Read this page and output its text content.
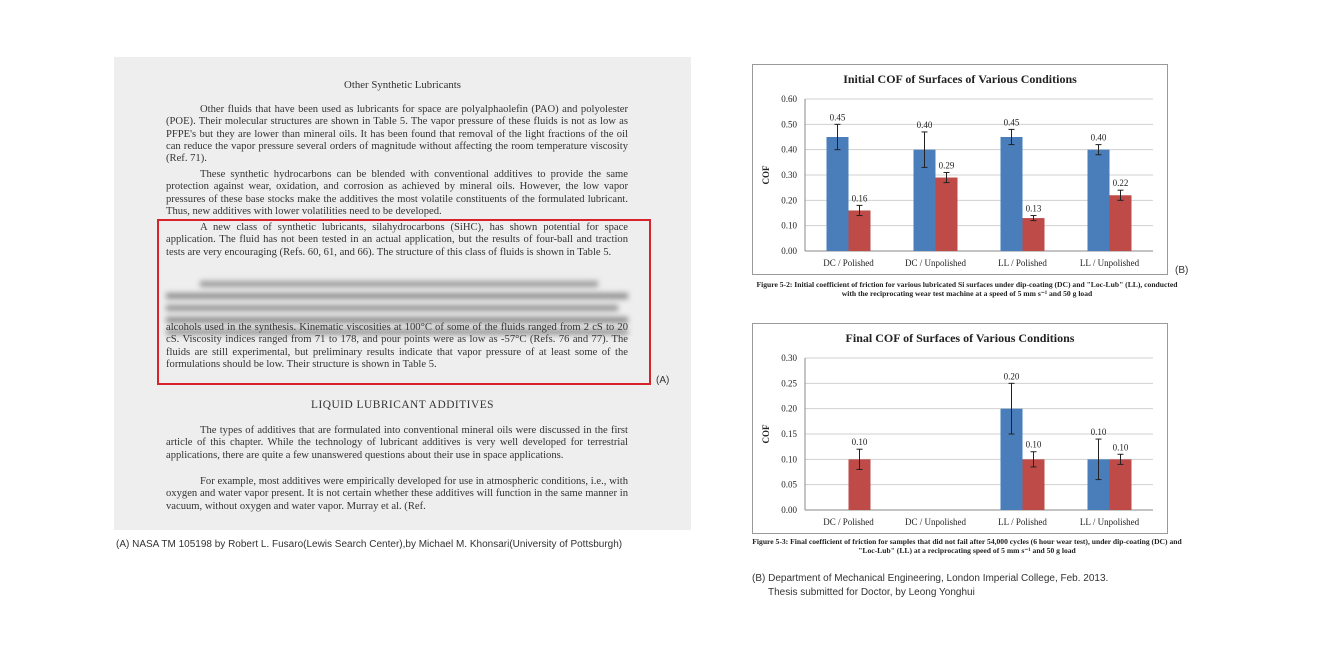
Other Synthetic Lubricants

Other fluids that have been used as lubricants for space are polyalphaolefin (PAO) and polyolester (POE). Their molecular structures are shown in Table 5. The vapor pressure of these fluids is not as low as PFPE's but they are lower than mineral oils. It has been found that removal of the light fractions of the oil can reduce the vapor pressure several orders of magnitude without affecting the room temperature viscosity (Ref. 71).

These synthetic hydrocarbons can be blended with conventional additives to provide the same protection against wear, oxidation, and corrosion as achieved by mineral oils. However, the low vapor pressures of these base stocks make the additives the most volatile constituents of the formulated lubricant. Thus, new additives with lower volatilities need to be developed.

A new class of synthetic lubricants, silahydrocarbons (SiHC), has shown potential for space application. The fluid has not been tested in an actual application, but the results of four-ball and traction tests are very encouraging (Refs. 60, 61, and 66). The structure of this class of fluids is shown in Table 5.

alcohols used in the synthesis. Kinematic viscosities at 100°C of some of the fluids ranged from 2 cS to 20 cS. Viscosity indices ranged from 71 to 178, and pour points were as low as -57°C (Refs. 76 and 77). The fluids are still experimental, but preliminary results indicate that vapor pressure of at least some of the formulations should be low. Their structure is shown in Table 5.

LIQUID LUBRICANT ADDITIVES

The types of additives that are formulated into conventional mineral oils were discussed in the first article of this chapter. While the technology of lubricant additives is very well developed for terrestrial applications, there are quite a few unanswered questions about their use in space applications.

For example, most additives were empirically developed for use in atmospheric conditions, i.e., with oxygen and water vapor present. It is not certain whether these additives will function in the same manner in vacuum, without oxygen and water vapor. Murray et al. (Ref.

(A)
(A) NASA TM 105198 by Robert L. Fusaro(Lewis Search Center),by Michael M. Khonsari(University of Pottsburgh)
Initial COF of Surfaces of Various Conditions
COF
0.00
0.10
0.20
0.30
0.40
0.50
0.60
0.45
0.16
DC / Polished
0.40
0.29
DC / Unpolished
0.45
0.13
LL / Polished
0.40
0.22
LL / Unpolished
Figure 5-2: Initial coefficient of friction for various lubricated Si surfaces under dip-coating (DC) and "Loc-Lub" (LL), conducted with the reciprocating wear test machine at a speed of 5 mm s⁻¹ and 50 g load
(B)
Final COF of Surfaces of Various Conditions
COF
0.00
0.05
0.10
0.15
0.20
0.25
0.30
0.10
DC / Polished	DC / Unpolished
0.20
0.10
LL / Polished
0.10
0.10
LL / Unpolished
Figure 5-3: Final coefficient of friction for samples that did not fail after 54,000 cycles (6 hour wear test), under dip-coating (DC) and "Loc-Lub" (LL) at a reciprocating speed of 5 mm s⁻¹ and 50 g load
(B) Department of Mechanical Engineering, London Imperial College, Feb. 2013.
Thesis submitted for Doctor, by Leong Yonghui
